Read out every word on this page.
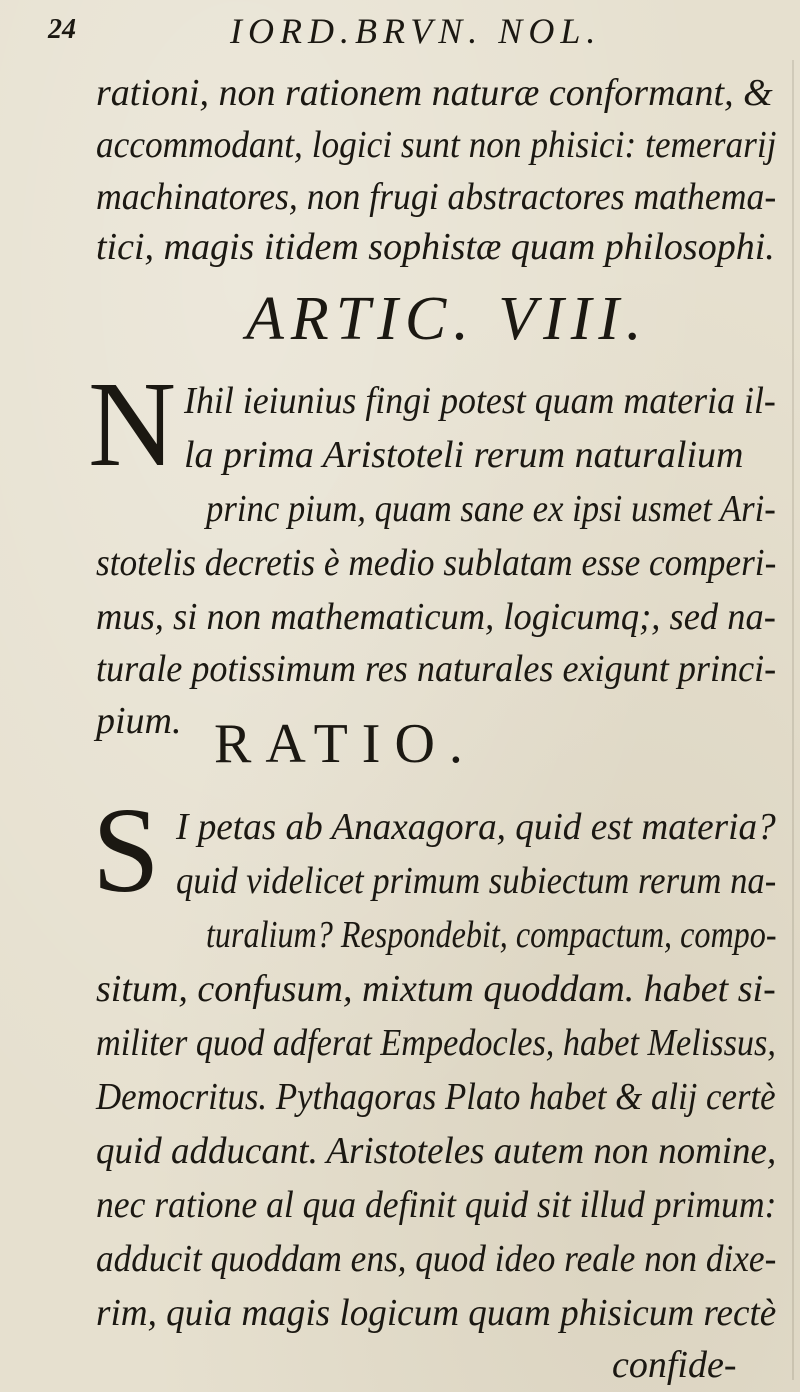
24	IORD.BRVN. NOL.
rationi, non rationem naturæ conformant, &
accommodant, logici sunt non phisici: temerarij
machinatores, non frugi abstractores mathema-
tici, magis itidem sophistæ quam philosophi.
ARTIC. VIII.
N Ihil ieiunius fingi potest quam materia il-
la prima Aristoteli rerum naturalium
princ pium, quam sane ex ipsi usmet Ari-
stotelis decretis è medio sublatam esse comperi-
mus, si non mathematicum, logicumq;, sed na-
turale potissimum res naturales exigunt princi-
pium. RATIO.
S I petas ab Anaxagora, quid est materia?
quid videlicet primum subiectum rerum na-
turalium? Respondebit, compactum, compo-
situm, confusum, mixtum quoddam. habet si-
militer quod adferat Empedocles, habet Melissus,
Democritus. Pythagoras Plato habet & alij certè
quid adducant. Aristoteles autem non nomine,
nec ratione al qua definit quid sit illud primum:
adducit quoddam ens, quod ideo reale non dixe-
rim, quia magis logicum quam phisicum rectè
confide-
